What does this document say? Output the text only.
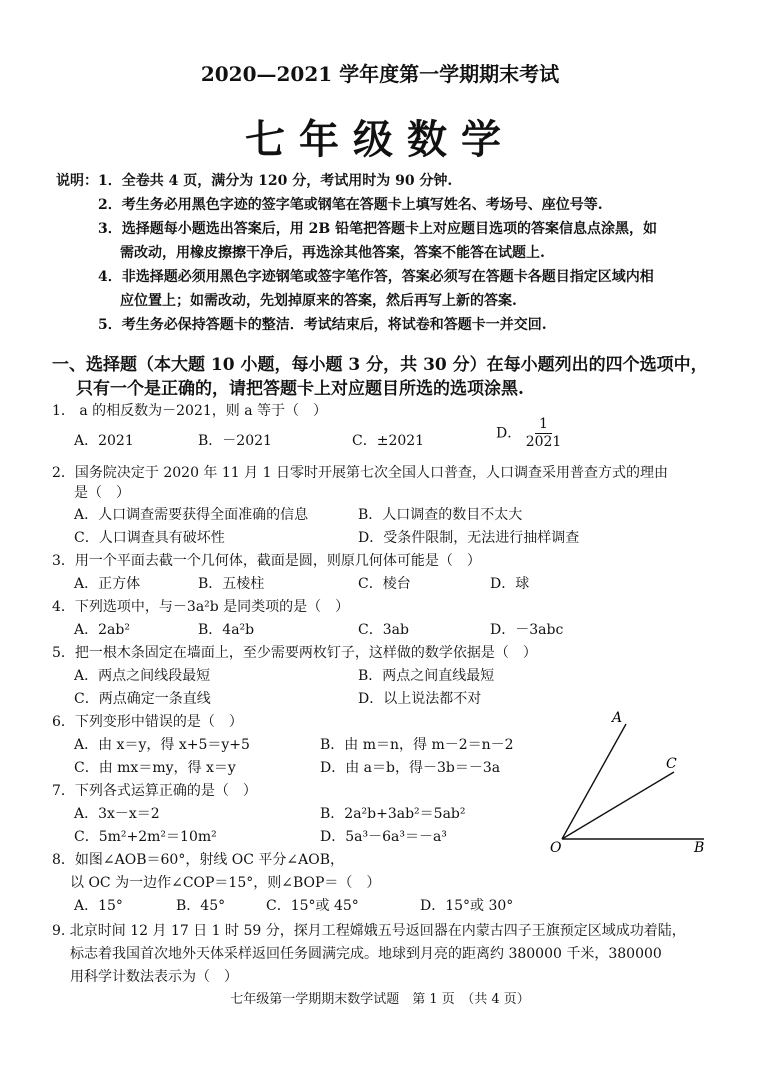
2020—2021 学年度第一学期期末考试
七年级数学
说明： 1．全卷共 4 页，满分为 120 分，考试用时为 90 分钟.
2．考生务必用黑色字迹的签字笔或钢笔在答题卡上填写姓名、考场号、座位号等.
3．选择题每小题选出答案后，用 2B 铅笔把答题卡上对应题目选项的答案信息点涂黑，如
需改动，用橡皮擦擦干净后，再选涂其他答案，答案不能答在试题上.
4．非选择题必须用黑色字迹钢笔或签字笔作答，答案必须写在答题卡各题目指定区域内相
应位置上；如需改动，先划掉原来的答案，然后再写上新的答案.
5．考生务必保持答题卡的整洁．考试结束后，将试卷和答题卡一并交回.
一、选择题（本大题 10 小题，每小题 3 分，共 30 分）在每小题列出的四个选项中，
只有一个是正确的，请把答题卡上对应题目所选的选项涂黑.
1． a 的相反数为－2021，则 a 等于（　）
A．2021	B．－2021	C．±2021	D． $\frac{1}{2021}$
2．国务院决定于 2020 年 11 月 1 日零时开展第七次全国人口普查，人口调查采用普查方式的理由
是（　）
A．人口调查需要获得全面准确的信息	B．人口调查的数目不太大
C．人口调查具有破坏性	D．受条件限制，无法进行抽样调查
3．用一个平面去截一个几何体，截面是圆，则原几何体可能是（　）
A．正方体	B．五棱柱	C．棱台	D．球
4．下列选项中，与－3a²b 是同类项的是（　）
A．2ab²	B．4a²b	C．3ab	D．－3abc
5．把一根木条固定在墙面上，至少需要两枚钉子，这样做的数学依据是（　）
A．两点之间线段最短	B．两点之间直线最短
C．两点确定一条直线	D．以上说法都不对
6．下列变形中错误的是（　）
A．由 x＝y，得 x+5＝y+5	B．由 m＝n，得 m－2＝n－2
C．由 mx＝my，得 x＝y	D．由 a＝b，得－3b＝－3a
7．下列各式运算正确的是（　）
A．3x－x＝2	B．2a²b+3ab²＝5ab²
C．5m²+2m²＝10m²	D．5a³－6a³＝－a³
A
C
O	B
8．如图∠AOB＝60°，射线 OC 平分∠AOB，
以 OC 为一边作∠COP＝15°，则∠BOP＝（　）
A．15°	B．45°	C．15°或 45°	D．15°或 30°
9. 北京时间 12 月 17 日 1 时 59 分，探月工程嫦娥五号返回器在内蒙古四子王旗预定区域成功着陆，
标志着我国首次地外天体采样返回任务圆满完成。地球到月亮的距离约 380000 千米，380000
用科学计数法表示为（　）
七年级第一学期期末数学试题　第 1 页　（共 4 页）
